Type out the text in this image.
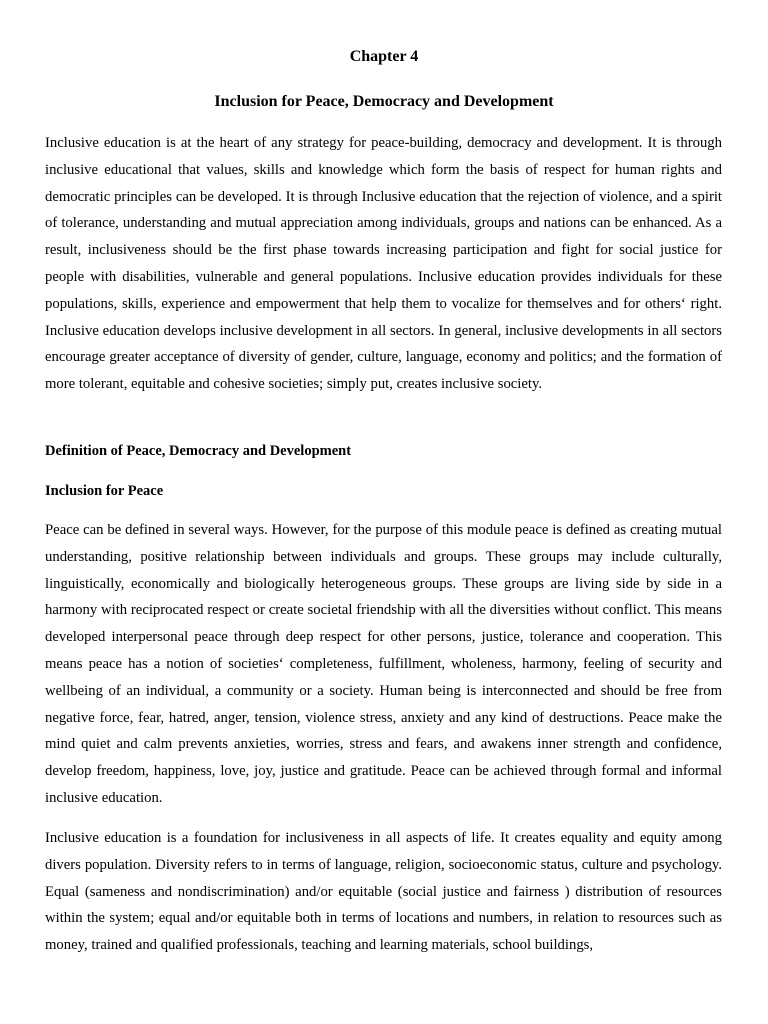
Chapter 4
Inclusion for Peace, Democracy and Development

Inclusive education is at the heart of any strategy for peace-building, democracy and development. It is through inclusive educational that values, skills and knowledge which form the basis of respect for human rights and democratic principles can be developed. It is through Inclusive education that the rejection of violence, and a spirit of tolerance, understanding and mutual appreciation among individuals, groups and nations can be enhanced. As a result, inclusiveness should be the first phase towards increasing participation and fight for social justice for people with disabilities, vulnerable and general populations. Inclusive education provides individuals for these populations, skills, experience and empowerment that help them to vocalize for themselves and for others‘ right. Inclusive education develops inclusive development in all sectors. In general, inclusive developments in all sectors encourage greater acceptance of diversity of gender, culture, language, economy and politics; and the formation of more tolerant, equitable and cohesive societies; simply put, creates inclusive society.

Definition of Peace, Democracy and Development
Inclusion for Peace

Peace can be defined in several ways. However, for the purpose of this module peace is defined as creating mutual understanding, positive relationship between individuals and groups. These groups may include culturally, linguistically, economically and biologically heterogeneous groups. These groups are living side by side in a harmony with reciprocated respect or create societal friendship with all the diversities without conflict. This means developed interpersonal peace through deep respect for other persons, justice, tolerance and cooperation. This means peace has a notion of societies‘ completeness, fulfillment, wholeness, harmony, feeling of security and wellbeing of an individual, a community or a society. Human being is interconnected and should be free from negative force, fear, hatred, anger, tension, violence stress, anxiety and any kind of destructions. Peace make the mind quiet and calm prevents anxieties, worries, stress and fears, and awakens inner strength and confidence, develop freedom, happiness, love, joy, justice and gratitude. Peace can be achieved through formal and informal inclusive education.

Inclusive education is a foundation for inclusiveness in all aspects of life. It creates equality and equity among divers population. Diversity refers to in terms of language, religion, socioeconomic status, culture and psychology. Equal (sameness and nondiscrimination) and/or equitable (social justice and fairness ) distribution of resources within the system; equal and/or equitable both in terms of locations and numbers, in relation to resources such as money, trained and qualified professionals, teaching and learning materials, school buildings,
